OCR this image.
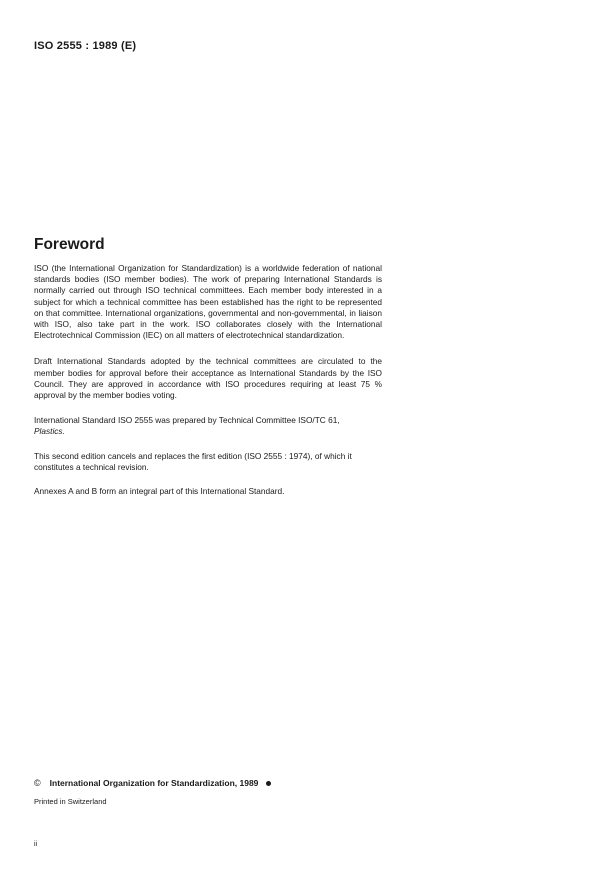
ISO 2555 : 1989 (E)
Foreword

ISO (the International Organization for Standardization) is a worldwide federation of national standards bodies (ISO member bodies). The work of preparing International Standards is normally carried out through ISO technical committees. Each member body interested in a subject for which a technical committee has been established has the right to be represented on that committee. International organizations, governmental and non-governmental, in liaison with ISO, also take part in the work. ISO collaborates closely with the International Electrotechnical Commission (IEC) on all matters of electrotechnical standardization.

Draft International Standards adopted by the technical committees are circulated to the member bodies for approval before their acceptance as International Standards by the ISO Council. They are approved in accordance with ISO procedures requiring at least 75 % approval by the member bodies voting.

International Standard ISO 2555 was prepared by Technical Committee ISO/TC 61,
Plastics.

This second edition cancels and replaces the first edition (ISO 2555 : 1974), of which it constitutes a technical revision.

Annexes A and B form an integral part of this International Standard.

© International Organization for Standardization, 1989
Printed in Switzerland
ii
